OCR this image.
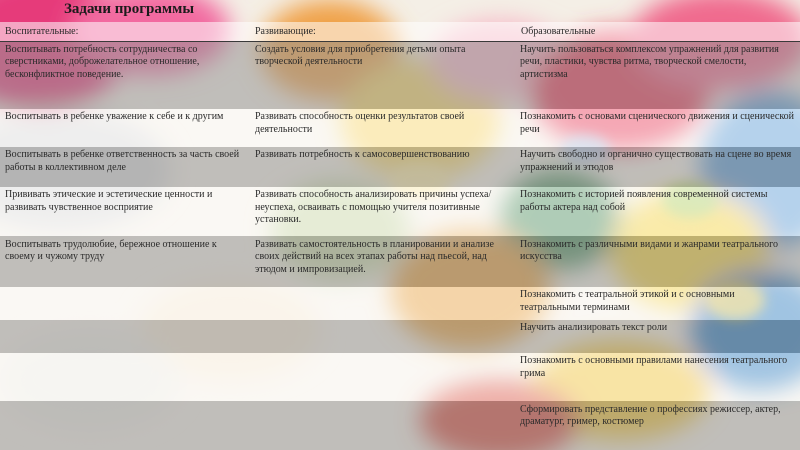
Задачи программы
Воспитательные:	Развивающие:	Образовательные
Воспитывать потребность сотрудничества со сверстниками, доброжелательное отношение, бесконфликтное поведение.	Создать условия для приобретения детьми опыта творческой деятельности	Научить пользоваться комплексом упражнений для развития речи, пластики, чувства ритма, творческой смелости, артистизма
Воспитывать в ребенке уважение к себе и к другим	Развивать способность оценки результатов своей деятельности	Познакомить с основами сценического движения и сценической речи
Воспитывать в ребенке ответственность за часть своей работы в коллективном деле	Развивать потребность к самосовершенствованию	Научить свободно и органично существовать на сцене во время упражнений и этюдов
Прививать этические и эстетические ценности и развивать чувственное восприятие	Развивать способность анализировать причины успеха/неуспеха, осваивать с помощью учителя позитивные установки.	Познакомить с историей появления современной системы работы актера над собой
Воспитывать трудолюбие, бережное отношение к своему и чужому труду	Развивать самостоятельность в планировании и анализе своих действий на всех этапах работы над пьесой, над этюдом и импровизацией.	Познакомить с различными видами и жанрами театрального искусства
		Познакомить с театральной этикой и с основными театральными терминами
		Научить анализировать текст роли
		Познакомить с основными правилами нанесения театрального грима
		Сформировать представление о профессиях режиссер, актер, драматург, гример, костюмер
